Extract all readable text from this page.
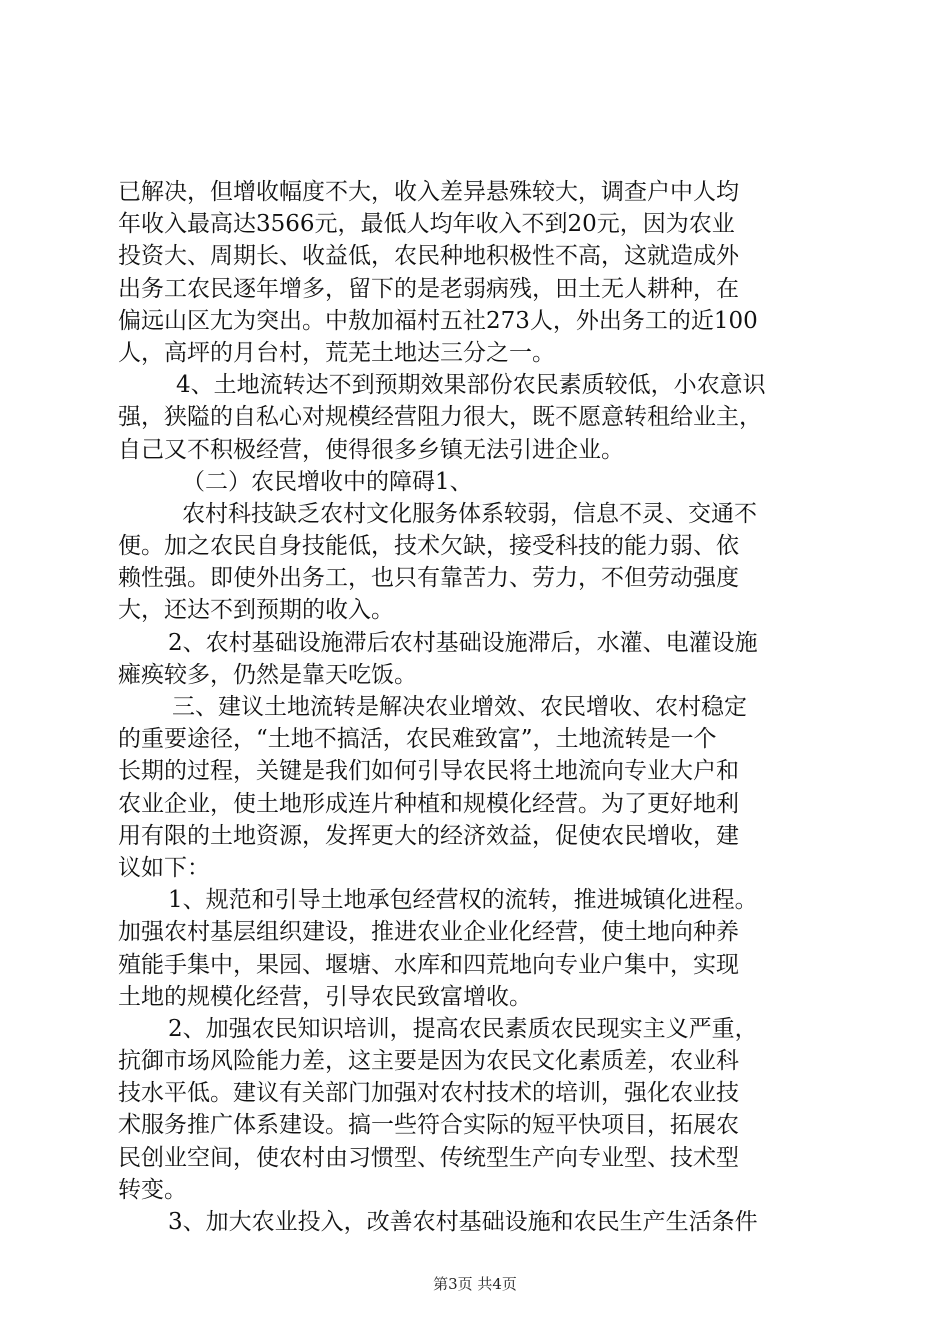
已解决，但增收幅度不大，收入差异悬殊较大，调查户中人均
年收入最高达3566元，最低人均年收入不到20元，因为农业
投资大、周期长、收益低，农民种地积极性不高，这就造成外
出务工农民逐年增多，留下的是老弱病残，田土无人耕种，在
偏远山区尢为突出。中敖加福村五社273人，外出务工的近100
人，高坪的月台村，荒芜土地达三分之一。
4、土地流转达不到预期效果部份农民素质较低，小农意识
强，狭隘的自私心对规模经营阻力很大，既不愿意转租给业主，
自己又不积极经营，使得很多乡镇无法引进企业。
（二）农民增收中的障碍1、
农村科技缺乏农村文化服务体系较弱，信息不灵、交通不
便。加之农民自身技能低，技术欠缺，接受科技的能力弱、依
赖性强。即使外出务工，也只有靠苦力、劳力，不但劳动强度
大，还达不到预期的收入。
2、农村基础设施滞后农村基础设施滞后，水灌、电灌设施
瘫痪较多，仍然是靠天吃饭。
三、建议土地流转是解决农业增效、农民增收、农村稳定
的重要途径，“土地不搞活，农民难致富”，土地流转是一个
长期的过程，关键是我们如何引导农民将土地流向专业大户和
农业企业，使土地形成连片种植和规模化经营。为了更好地利
用有限的土地资源，发挥更大的经济效益，促使农民增收，建
议如下：
1、规范和引导土地承包经营权的流转，推进城镇化进程。
加强农村基层组织建设，推进农业企业化经营，使土地向种养
殖能手集中，果园、堰塘、水库和四荒地向专业户集中，实现
土地的规模化经营，引导农民致富增收。
2、加强农民知识培训，提高农民素质农民现实主义严重，
抗御市场风险能力差，这主要是因为农民文化素质差，农业科
技水平低。建议有关部门加强对农村技术的培训，强化农业技
术服务推广体系建设。搞一些符合实际的短平快项目，拓展农
民创业空间，使农村由习惯型、传统型生产向专业型、技术型
转变。
3、加大农业投入，改善农村基础设施和农民生产生活条件
第3页 共4页
